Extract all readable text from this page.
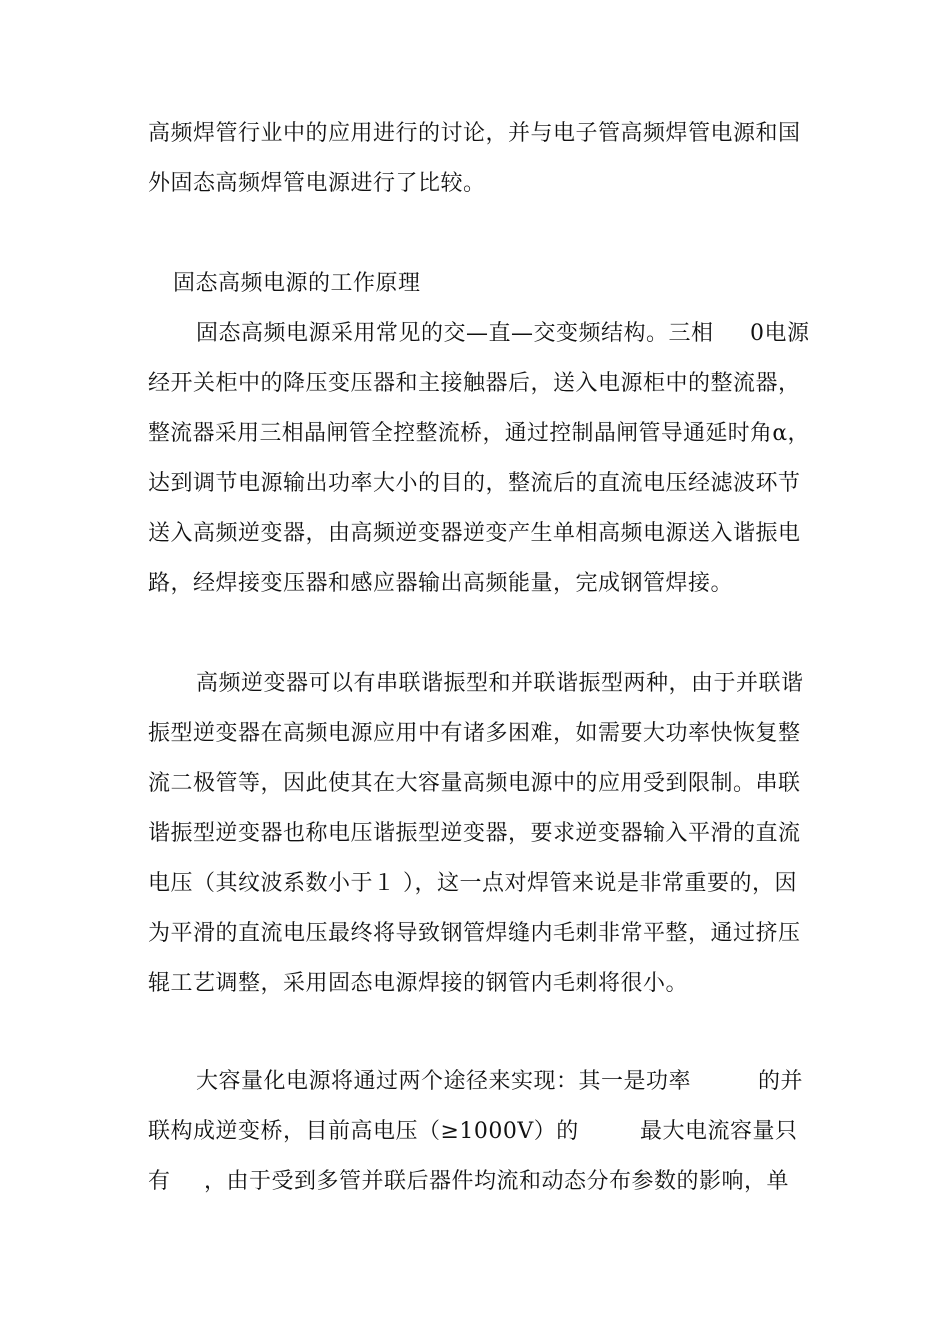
高频焊管行业中的应用进行的讨论，并与电子管高频焊管电源和国
外固态高频焊管电源进行了比较。
固态高频电源的工作原理
固态高频电源采用常见的交—直—交变频结构。三相 0电源
经开关柜中的降压变压器和主接触器后，送入电源柜中的整流器，
整流器采用三相晶闸管全控整流桥，通过控制晶闸管导通延时角α，
达到调节电源输出功率大小的目的，整流后的直流电压经滤波环节
送入高频逆变器，由高频逆变器逆变产生单相高频电源送入谐振电
路，经焊接变压器和感应器输出高频能量，完成钢管焊接。
高频逆变器可以有串联谐振型和并联谐振型两种，由于并联谐
振型逆变器在高频电源应用中有诸多困难，如需要大功率快恢复整
流二极管等，因此使其在大容量高频电源中的应用受到限制。串联
谐振型逆变器也称电压谐振型逆变器，要求逆变器输入平滑的直流
电压（其纹波系数小于１ ），这一点对焊管来说是非常重要的，因
为平滑的直流电压最终将导致钢管焊缝内毛刺非常平整，通过挤压
辊工艺调整，采用固态电源焊接的钢管内毛刺将很小。
大容量化电源将通过两个途径来实现：其一是功率	的并
联构成逆变桥，目前高电压（≥1000V）的	最大电流容量只
有 ，由于受到多管并联后器件均流和动态分布参数的影响，单
